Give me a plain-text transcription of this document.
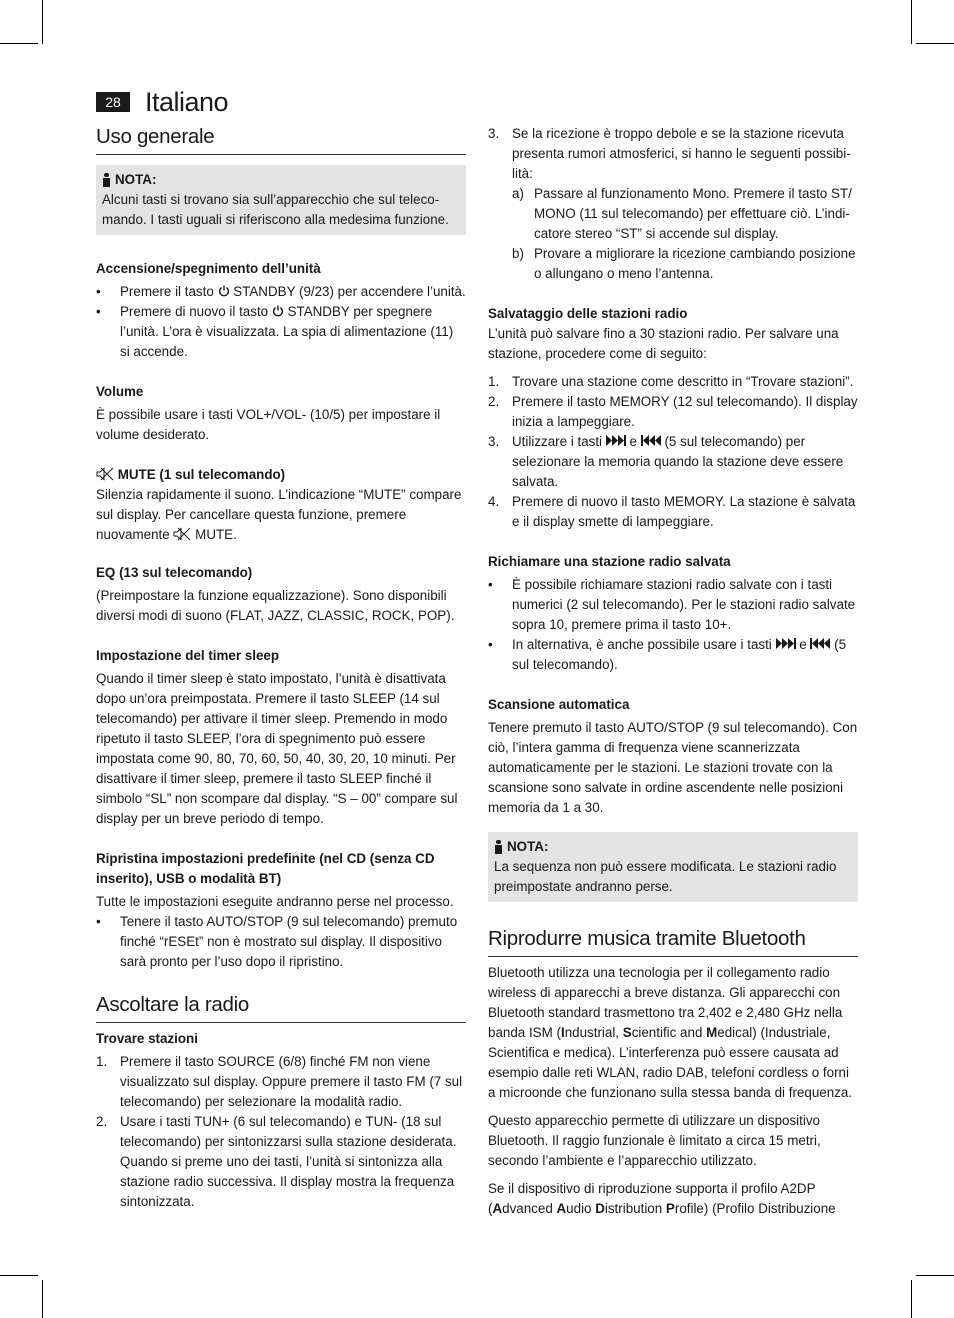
28 Italiano
Uso generale
NOTA:

Alcuni tasti si trovano sia sull’apparecchio che sul telecomando. I tasti uguali si riferiscono alla medesima funzione.

Accensione/spegnimento dell’unità
• Premere il tasto STANDBY (9/23) per accendere l’unità.
• Premere di nuovo il tasto STANDBY per spegnere l’unità. L’ora è visualizzata. La spia di alimentazione (11) si accende.
Volume

È possibile usare i tasti VOL+/VOL- (10/5) per impostare il volume desiderato.

MUTE (1 sul telecomando)

Silenzia rapidamente il suono. L’indicazione “MUTE” compare sul display. Per cancellare questa funzione, premere nuovamente MUTE.

EQ (13 sul telecomando)

(Preimpostare la funzione equalizzazione). Sono disponibili diversi modi di suono (FLAT, JAZZ, CLASSIC, ROCK, POP).

Impostazione del timer sleep

Quando il timer sleep è stato impostato, l’unità è disattivata dopo un’ora preimpostata. Premere il tasto SLEEP (14 sul telecomando) per attivare il timer sleep. Premendo in modo ripetuto il tasto SLEEP, l’ora di spegnimento può essere impostata come 90, 80, 70, 60, 50, 40, 30, 20, 10 minuti. Per disattivare il timer sleep, premere il tasto SLEEP finché il simbolo “SL” non scompare dal display. “S – 00” compare sul display per un breve periodo di tempo.

Ripristina impostazioni predefinite (nel CD (senza CD inserito), USB o modalità BT)

Tutte le impostazioni eseguite andranno perse nel processo.

• Tenere il tasto AUTO/STOP (9 sul telecomando) premuto finché “rESEt” non è mostrato sul display. Il dispositivo sarà pronto per l’uso dopo il ripristino.
Ascoltare la radio
Trovare stazioni
1. Premere il tasto SOURCE (6/8) finché FM non viene visualizzato sul display. Oppure premere il tasto FM (7 sul telecomando) per selezionare la modalità radio.
2. Usare i tasti TUN+ (6 sul telecomando) e TUN- (18 sul telecomando) per sintonizzarsi sulla stazione desiderata. Quando si preme uno dei tasti, l’unità si sintonizza alla stazione radio successiva. Il display mostra la frequenza sintonizzata.
3. Se la ricezione è troppo debole e se la stazione ricevuta presenta rumori atmosferici, si hanno le seguenti possibilità:
a) Passare al funzionamento Mono. Premere il tasto ST/ MONO (11 sul telecomando) per effettuare ciò. L’indicatore stereo “ST” si accende sul display.
b) Provare a migliorare la ricezione cambiando posizione o allungano o meno l’antenna.
Salvataggio delle stazioni radio

L’unità può salvare fino a 30 stazioni radio. Per salvare una stazione, procedere come di seguito:

1. Trovare una stazione come descritto in “Trovare stazioni”.
2. Premere il tasto MEMORY (12 sul telecomando). Il display inizia a lampeggiare.
3. Utilizzare i tasti e (5 sul telecomando) per selezionare la memoria quando la stazione deve essere salvata.
4. Premere di nuovo il tasto MEMORY. La stazione è salvata e il display smette di lampeggiare.
Richiamare una stazione radio salvata
• È possibile richiamare stazioni radio salvate con i tasti numerici (2 sul telecomando). Per le stazioni radio salvate sopra 10, premere prima il tasto 10+.
• In alternativa, è anche possibile usare i tasti e (5 sul telecomando).
Scansione automatica

Tenere premuto il tasto AUTO/STOP (9 sul telecomando). Con ciò, l’intera gamma di frequenza viene scannerizzata automaticamente per le stazioni. Le stazioni trovate con la scansione sono salvate in ordine ascendente nelle posizioni memoria da 1 a 30.

NOTA:

La sequenza non può essere modificata. Le stazioni radio preimpostate andranno perse.

Riprodurre musica tramite Bluetooth

Bluetooth utilizza una tecnologia per il collegamento radio wireless di apparecchi a breve distanza. Gli apparecchi con Bluetooth standard trasmettono tra 2,402 e 2,480 GHz nella banda ISM (Industrial, Scientific and Medical) (Industriale, Scientifica e medica). L’interferenza può essere causata ad esempio dalle reti WLAN, radio DAB, telefoni cordless o forni a microonde che funzionano sulla stessa banda di frequenza.

Questo apparecchio permette di utilizzare un dispositivo Bluetooth. Il raggio funzionale è limitato a circa 15 metri, secondo l’ambiente e l’apparecchio utilizzato.

Se il dispositivo di riproduzione supporta il profilo A2DP (Advanced Audio Distribution Profile) (Profilo Distribuzione
